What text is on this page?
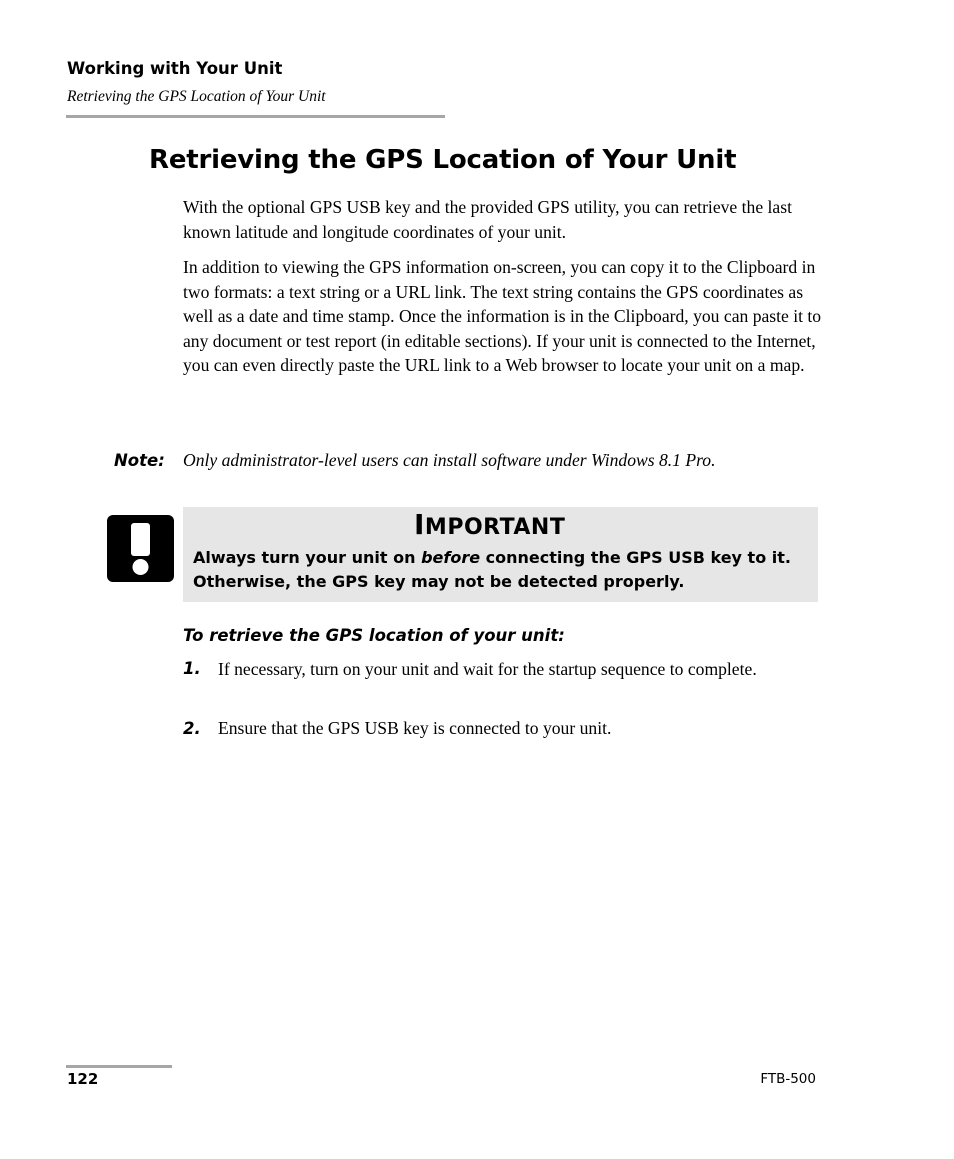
Working with Your Unit
Retrieving the GPS Location of Your Unit
Retrieving the GPS Location of Your Unit

With the optional GPS USB key and the provided GPS utility, you can retrieve the last known latitude and longitude coordinates of your unit.

In addition to viewing the GPS information on-screen, you can copy it to the Clipboard in two formats: a text string or a URL link. The text string contains the GPS coordinates as well as a date and time stamp. Once the information is in the Clipboard, you can paste it to any document or test report (in editable sections). If your unit is connected to the Internet, you can even directly paste the URL link to a Web browser to locate your unit on a map.

Note: Only administrator-level users can install software under Windows 8.1 Pro.
IMPORTANT

Always turn your unit on before connecting the GPS USB key to it. Otherwise, the GPS key may not be detected properly.

To retrieve the GPS location of your unit:
1. If necessary, turn on your unit and wait for the startup sequence to complete.

2. Ensure that the GPS USB key is connected to your unit.

122	FTB-500
